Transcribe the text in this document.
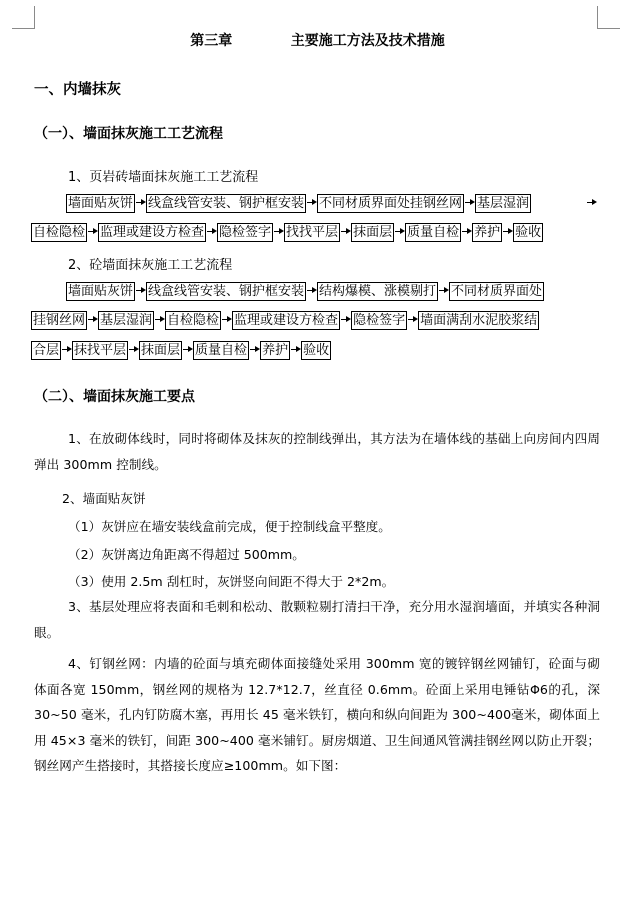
第三章            主要施工方法及技术措施
一、内墙抹灰
（一）、墙面抹灰施工工艺流程
1、页岩砖墙面抹灰施工工艺流程
墙面贴灰饼 线盒线管安装、钢护框安装 不同材质界面处挂钢丝网 基层湿润
自检隐检 监理或建设方检查 隐检签字 找找平层 抹面层 质量自检 养护 验收
2、砼墙面抹灰施工工艺流程
墙面贴灰饼 线盒线管安装、钢护框安装 结构爆模、涨模剔打 不同材质界面处
挂钢丝网 基层湿润 自检隐检 监理或建设方检查 隐检签字 墙面满刮水泥胶浆结
合层 抹找平层 抹面层 质量自检 养护 验收
（二）、墙面抹灰施工要点
1、在放砌体线时，同时将砌体及抹灰的控制线弹出，其方法为在墙体线的基础上向房间内四周弹出 300mm 控制线。
2、墙面贴灰饼
（1）灰饼应在墙安装线盒前完成，便于控制线盒平整度。
（2）灰饼离边角距离不得超过 500mm。
（3）使用 2.5m 刮杠时，灰饼竖向间距不得大于 2*2m。
3、基层处理应将表面和毛刺和松动、散颗粒剔打清扫干净，充分用水湿润墙面，并填实各种洞眼。
4、钉钢丝网：内墙的砼面与填充砌体面接缝处采用 300mm 宽的镀锌钢丝网铺钉，砼面与砌体面各宽 150mm，钢丝网的规格为 12.7*12.7，丝直径 0.6mm。砼面上采用电锤钻Φ6的孔，深 30~50 毫米，孔内钉防腐木塞，再用长 45 毫米铁钉，横向和纵向间距为 300~400毫米，砌体面上用 45×3 毫米的铁钉，间距 300~400 毫米铺钉。厨房烟道、卫生间通风管满挂钢丝网以防止开裂；钢丝网产生搭接时，其搭接长度应≥100mm。如下图：
